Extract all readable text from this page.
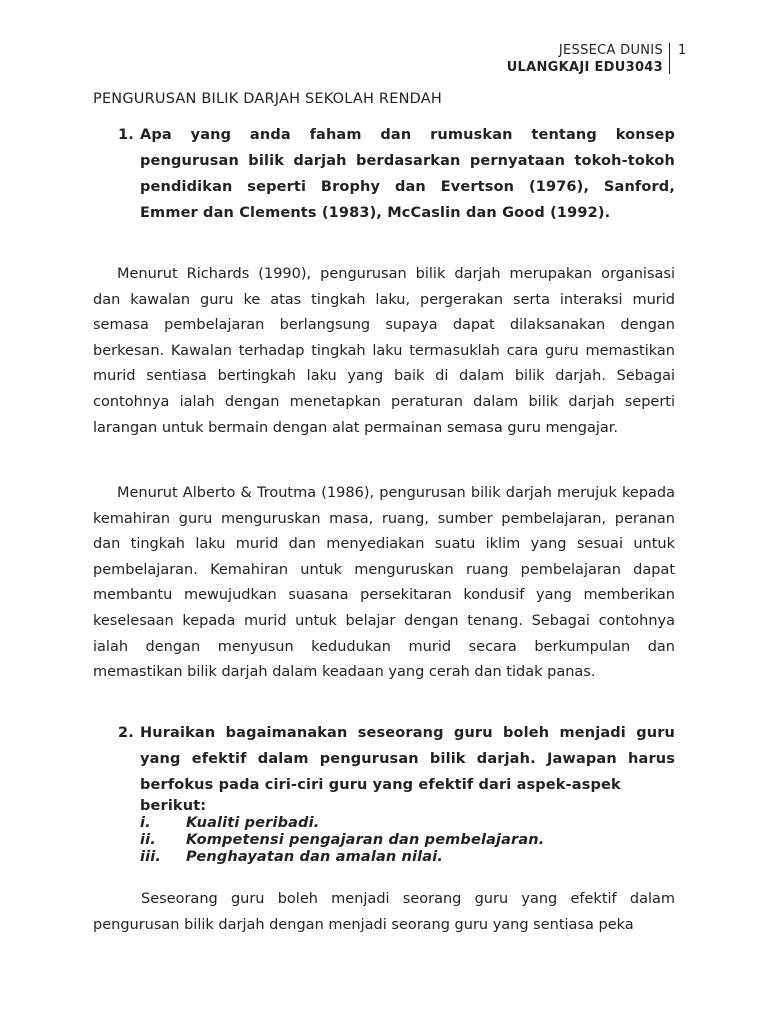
JESSECA DUNIS
ULANGKAJI EDU3043
1
PENGURUSAN BILIK DARJAH SEKOLAH RENDAH
1. Apa yang anda faham dan rumuskan tentang konsep pengurusan bilik darjah berdasarkan pernyataan tokoh-tokoh pendidikan seperti Brophy dan Evertson (1976), Sanford, Emmer dan Clements (1983), McCaslin dan Good (1992).
Menurut Richards (1990), pengurusan bilik darjah merupakan organisasi dan kawalan guru ke atas tingkah laku, pergerakan serta interaksi murid semasa pembelajaran berlangsung supaya dapat dilaksanakan dengan berkesan. Kawalan terhadap tingkah laku termasuklah cara guru memastikan murid sentiasa bertingkah laku yang baik di dalam bilik darjah. Sebagai contohnya ialah dengan menetapkan peraturan dalam bilik darjah seperti larangan untuk bermain dengan alat permainan semasa guru mengajar.
Menurut Alberto & Troutma (1986), pengurusan bilik darjah merujuk kepada kemahiran guru menguruskan masa, ruang, sumber pembelajaran, peranan dan tingkah laku murid dan menyediakan suatu iklim yang sesuai untuk pembelajaran. Kemahiran untuk menguruskan ruang pembelajaran dapat membantu mewujudkan suasana persekitaran kondusif yang memberikan keselesaan kepada murid untuk belajar dengan tenang. Sebagai contohnya ialah dengan menyusun kedudukan murid secara berkumpulan dan memastikan bilik darjah dalam keadaan yang cerah dan tidak panas.
2. Huraikan bagaimanakan seseorang guru boleh menjadi guru yang efektif dalam pengurusan bilik darjah. Jawapan harus berfokus pada ciri-ciri guru yang efektif dari aspek-aspek
berikut:
i. Kualiti peribadi.
ii. Kompetensi pengajaran dan pembelajaran.
iii. Penghayatan dan amalan nilai.
Seseorang guru boleh menjadi seorang guru yang efektif dalam pengurusan bilik darjah dengan menjadi seorang guru yang sentiasa peka
